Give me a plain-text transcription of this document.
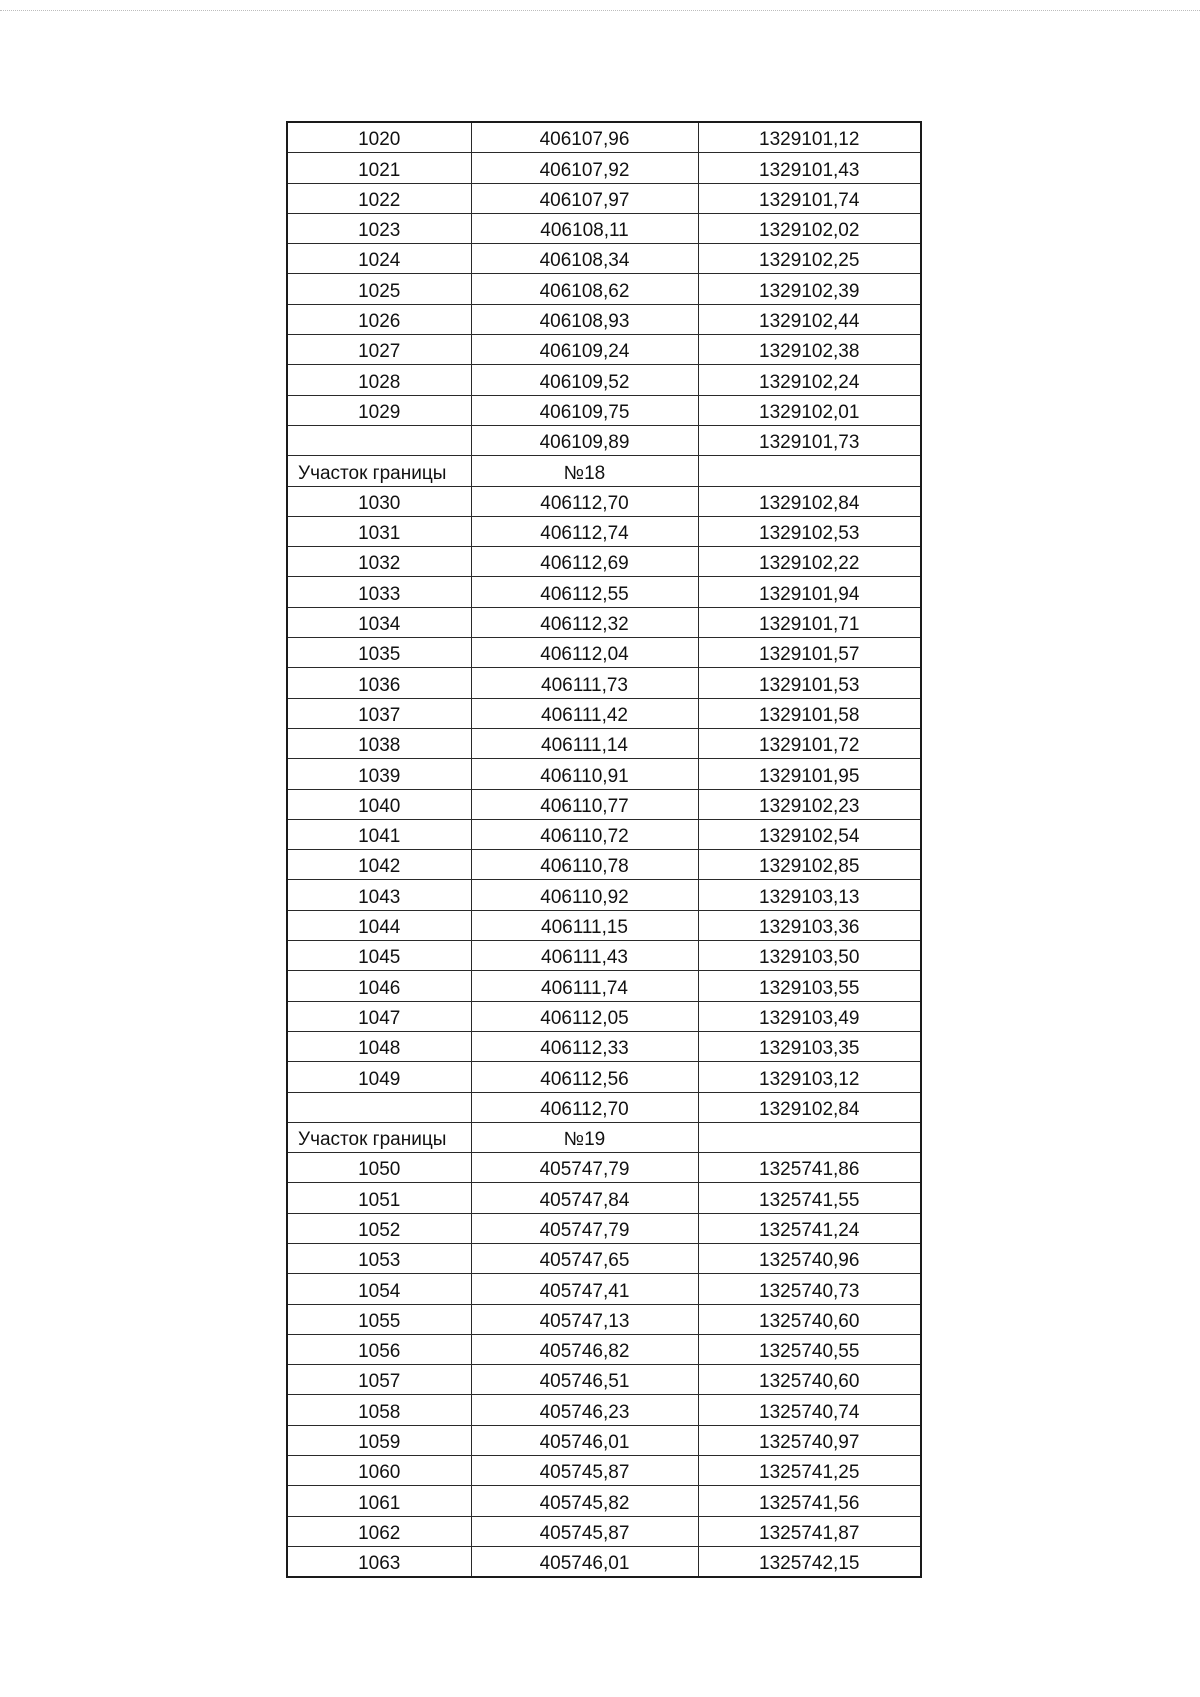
1020	406107,96	1329101,12
1021	406107,92	1329101,43
1022	406107,97	1329101,74
1023	406108,11	1329102,02
1024	406108,34	1329102,25
1025	406108,62	1329102,39
1026	406108,93	1329102,44
1027	406109,24	1329102,38
1028	406109,52	1329102,24
1029	406109,75	1329102,01
	406109,89	1329101,73
Участок границы	№18	
1030	406112,70	1329102,84
1031	406112,74	1329102,53
1032	406112,69	1329102,22
1033	406112,55	1329101,94
1034	406112,32	1329101,71
1035	406112,04	1329101,57
1036	406111,73	1329101,53
1037	406111,42	1329101,58
1038	406111,14	1329101,72
1039	406110,91	1329101,95
1040	406110,77	1329102,23
1041	406110,72	1329102,54
1042	406110,78	1329102,85
1043	406110,92	1329103,13
1044	406111,15	1329103,36
1045	406111,43	1329103,50
1046	406111,74	1329103,55
1047	406112,05	1329103,49
1048	406112,33	1329103,35
1049	406112,56	1329103,12
	406112,70	1329102,84
Участок границы	№19	
1050	405747,79	1325741,86
1051	405747,84	1325741,55
1052	405747,79	1325741,24
1053	405747,65	1325740,96
1054	405747,41	1325740,73
1055	405747,13	1325740,60
1056	405746,82	1325740,55
1057	405746,51	1325740,60
1058	405746,23	1325740,74
1059	405746,01	1325740,97
1060	405745,87	1325741,25
1061	405745,82	1325741,56
1062	405745,87	1325741,87
1063	405746,01	1325742,15
